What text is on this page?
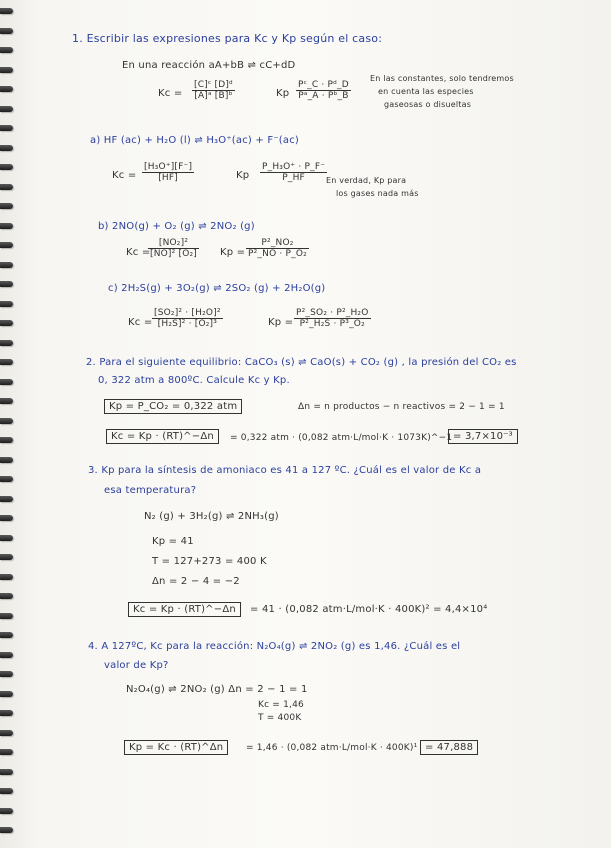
1. Escribir las expresiones para Kc y Kp según el caso:
En una reacción aA+bB ⇌ cC+dD
$Kc = \frac{\text{[C]ᶜ [D]ᵈ}}{\text{[A]ᵃ [B]ᵇ}}$	Kp $\frac{\text{Pᶜ\_C · Pᵈ\_D}}{\text{Pᵃ\_A · Pᵇ\_B}}$
En las constantes, solo tendremos
en cuenta las especies
gaseosas o disueltas
a) HF (ac) + H₂O (l) ⇌ H₃O⁺(ac) + F⁻(ac)
$Kc = \frac{\text{[H₃O⁺][F⁻]}}{[HF]}$	Kp $\frac{\text{P\_H₃O⁺ · P\_F⁻}}{P\_HF}$
En verdad, Kp para
los gases nada más
b) 2NO(g) + O₂ (g) ⇌ 2NO₂ (g)
Kc =
$\frac{\text{[NO₂]²}}{\text{[NO]² [O₂]}}$ $Kp = \frac{\text{P²\_NO₂}}{\text{P²\_NO · P\_O₂}}$
c) 2H₂S(g) + 3O₂(g) ⇌ 2SO₂ (g) + 2H₂O(g)
$Kc = \frac{\text{[SO₂]² · [H₂O]²}}{\text{[H₂S]² · [O₂]³}}$	$Kp = \frac{\text{P²\_SO₂ · P²\_H₂O}}{\text{P²\_H₂S · P³\_O₂}}$
2. Para el siguiente equilibrio: CaCO₃ (s) ⇌ CaO(s) + CO₂ (g) , la presión del CO₂ es
0, 322 atm a 800ºC. Calcule Kc y Kp.
Kp = P_CO₂ = 0,322 atm	Δn = n productos − n reactivos = 2 − 1 = 1
Kc = Kp · (RT)^−Δn	= 0,322 atm · (0,082 atm·L/mol·K · 1073K)^−1 = 3,7×10⁻³
3. Kp para la síntesis de amoniaco es 41 a 127 ºC. ¿Cuál es el valor de Kc a
esa temperatura?
N₂ (g) + 3H₂(g) ⇌ 2NH₃(g)
Kp = 41
T = 127+273 = 400 K
Δn = 2 − 4 = −2
Kc = Kp · (RT)^−Δn	= 41 · (0,082 atm·L/mol·K · 400K)² = 4,4×10⁴
4. A 127ºC, Kc para la reacción: N₂O₄(g) ⇌ 2NO₂ (g) es 1,46. ¿Cuál es el
valor de Kp?
N₂O₄(g) ⇌ 2NO₂ (g) Δn = 2 − 1 = 1
Kc = 1,46
T = 400K
Kp = Kc · (RT)^Δn	= 1,46 · (0,082 atm·L/mol·K · 400K)¹ = 47,888
